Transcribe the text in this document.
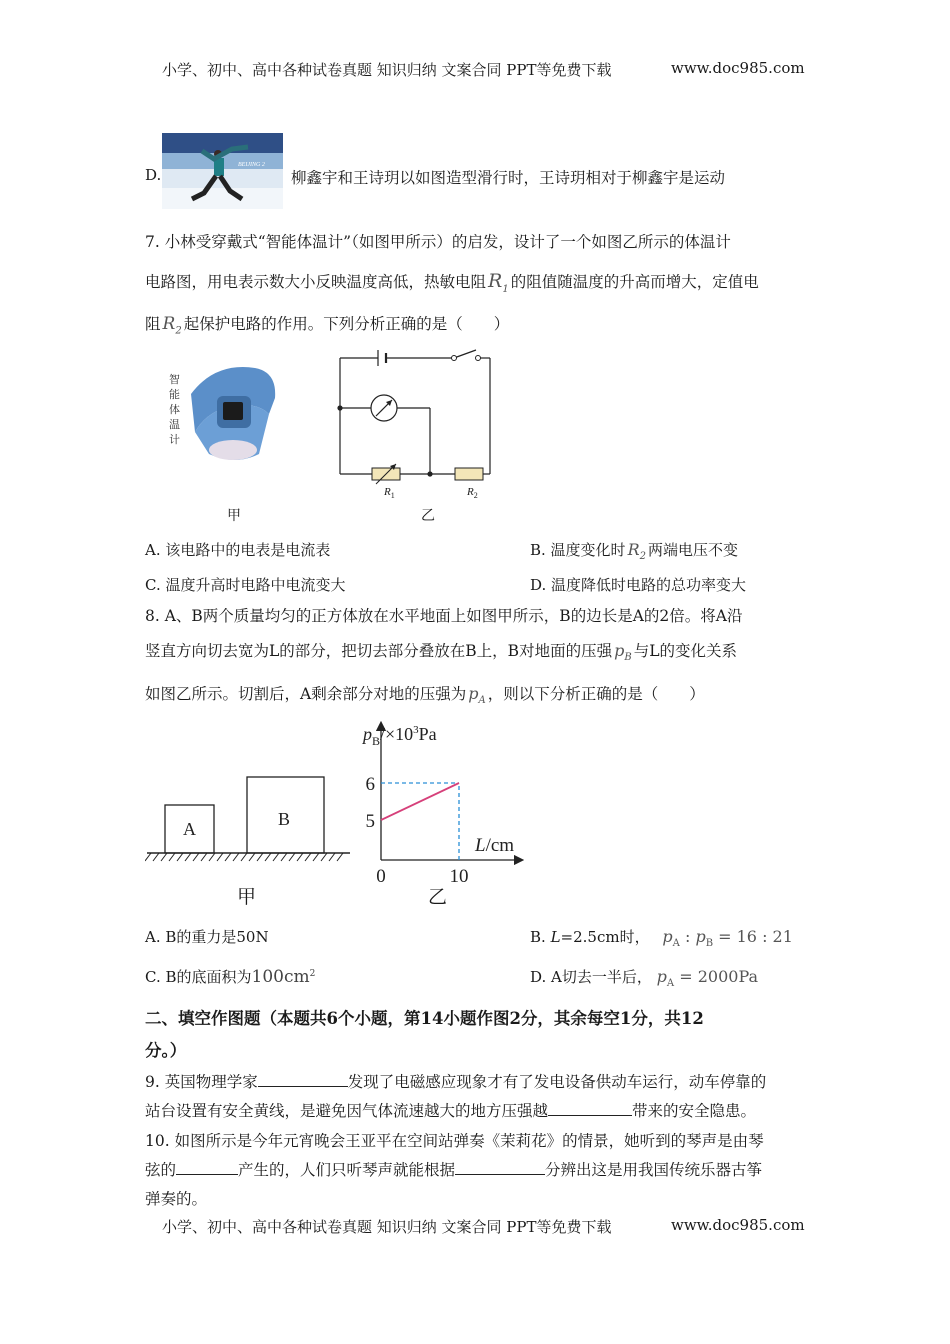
小学、初中、高中各种试卷真题 知识归纳 文案合同 PPT等免费下载	www.doc985.com
D.
BEIJING 2
柳鑫宇和王诗玥以如图造型滑行时，王诗玥相对于柳鑫宇是运动
7. 小林受穿戴式“智能体温计”（如图甲所示）的启发，设计了一个如图乙所示的体温计
电路图，用电表示数大小反映温度高低，热敏电阻 $R_1$ 的阻值随温度的升高而增大，定值电
阻 $R_2$ 起保护电路的作用。下列分析正确的是（　　）
智
能
体
温
计
甲
$R_1$	$R_2$
乙
A. 该电路中的电表是电流表	B. 温度变化时 $R_2$ 两端电压不变
C. 温度升高时电路中电流变大	D. 温度降低时电路的总功率变大
8. A、B两个质量均匀的正方体放在水平地面上如图甲所示，B的边长是A的2倍。将A沿
竖直方向切去宽为L的部分，把切去部分叠放在B上，B对地面的压强 $p_B$ 与L的变化关系
如图乙所示。切割后，A剩余部分对地的压强为 $p_A$ ，则以下分析正确的是（　　）
A	B
甲
$p_B/\times 10^3Pa$
L/cm
5
6
0	10
乙
A. B的重力是50N	B. L=2.5cm时， $p_A$ : $p_B = 16$ : 21
C. B的底面积为$100cm^2$	D. A切去一半后， $p_A = 2000Pa$
二、填空作图题（本题共6个小题，第14小题作图2分，其余每空1分，共12
分。）
9. 英国物理学家	发现了电磁感应现象才有了发电设备供动车运行，动车停靠的
站台设置有安全黄线，是避免因气体流速越大的地方压强越	带来的安全隐患。
10. 如图所示是今年元宵晚会王亚平在空间站弹奏《茉莉花》的情景，她听到的琴声是由琴
弦的	产生的，人们只听琴声就能根据	分辨出这是用我国传统乐器古筝
弹奏的。
小学、初中、高中各种试卷真题 知识归纳 文案合同 PPT等免费下载	www.doc985.com
